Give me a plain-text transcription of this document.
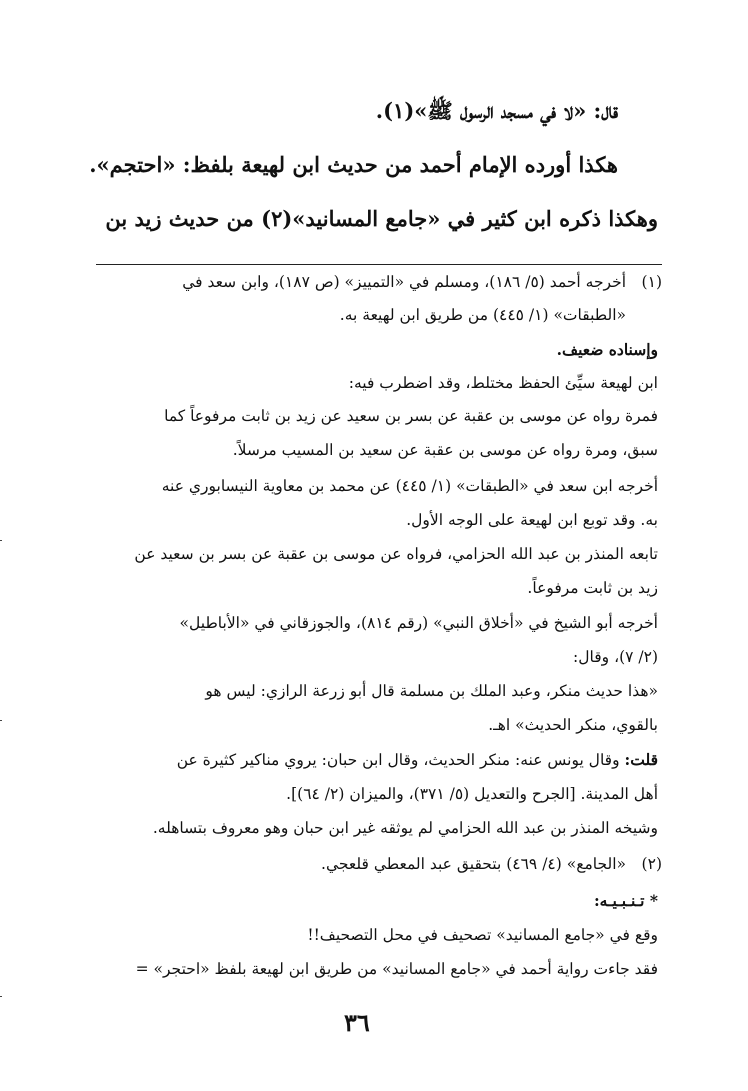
قال: «لا في مسجد الرسول ﷺ»(١).
هكذا أورده الإمام أحمد من حديث ابن لهيعة بلفظ: «احتجم».
وهكذا ذكره ابن كثير في «جامع المسانيد»(٢) من حديث زيد بن
(١)
أخرجه أحمد (٥/ ١٨٦)، ومسلم في «التمييز» (ص ١٨٧)، وابن سعد في
«الطبقات» (١/ ٤٤٥) من طريق ابن لهيعة به.
وإسناده ضعيف.
ابن لهيعة سيِّئ الحفظ مختلط، وقد اضطرب فيه:
فمرة رواه عن موسى بن عقبة عن بسر بن سعيد عن زيد بن ثابت مرفوعاً كما
سبق، ومرة رواه عن موسى بن عقبة عن سعيد بن المسيب مرسلاً.
أخرجه ابن سعد في «الطبقات» (١/ ٤٤٥) عن محمد بن معاوية النيسابوري عنه
به. وقد توبع ابن لهيعة على الوجه الأول.
تابعه المنذر بن عبد الله الحزامي، فرواه عن موسى بن عقبة عن بسر بن سعيد عن
زيد بن ثابت مرفوعاً.
أخرجه أبو الشيخ في «أخلاق النبي» (رقم ٨١٤)، والجوزقاني في «الأباطيل»
(٢/ ٧)، وقال:
«هذا حديث منكر، وعبد الملك بن مسلمة قال أبو زرعة الرازي: ليس هو
بالقوي، منكر الحديث» اهـ.
قلت: وقال يونس عنه: منكر الحديث، وقال ابن حبان: يروي مناكير كثيرة عن
أهل المدينة. [الجرح والتعديل (٥/ ٣٧١)، والميزان (٢/ ٦٤)].
وشيخه المنذر بن عبد الله الحزامي لم يوثقه غير ابن حبان وهو معروف بتساهله.
(٢)
«الجامع» (٤/ ٤٦٩) بتحقيق عبد المعطي قلعجي.
* تـنـبـيـه:
وقع في «جامع المسانيد» تصحيف في محل التصحيف!!
فقد جاءت رواية أحمد في «جامع المسانيد» من طريق ابن لهيعة بلفظ «احتجر» =
٣٦
